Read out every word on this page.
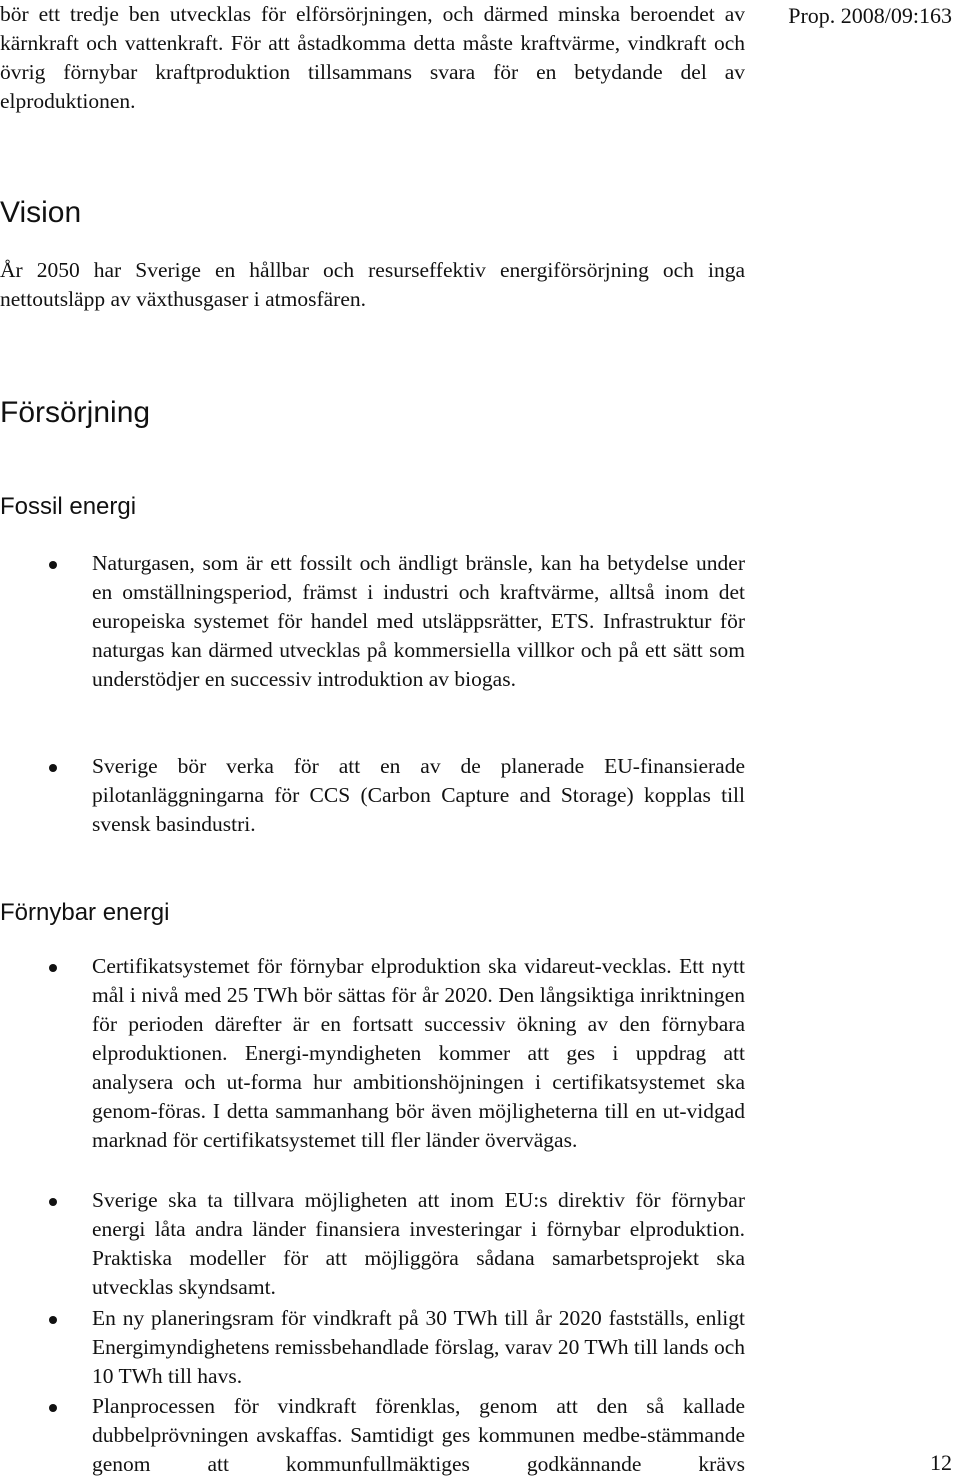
Prop. 2008/09:163

bör ett tredje ben utvecklas för elförsörjningen, och därmed minska beroendet av kärnkraft och vattenkraft. För att åstadkomma detta måste kraftvärme, vindkraft och övrig förnybar kraftproduktion tillsammans svara för en betydande del av elproduktionen.

Vision

År 2050 har Sverige en hållbar och resurseffektiv energiförsörjning och inga nettoutsläpp av växthusgaser i atmosfären.

Försörjning
Fossil energi
Naturgasen, som är ett fossilt och ändligt bränsle, kan ha betydelse under en omställningsperiod, främst i industri och kraftvärme, alltså inom det europeiska systemet för handel med utsläppsrätter, ETS. Infrastruktur för naturgas kan därmed utvecklas på kommersiella villkor och på ett sätt som understödjer en successiv introduktion av biogas.
Sverige bör verka för att en av de planerade EU-finansierade pilotanläggningarna för CCS (Carbon Capture and Storage) kopplas till svensk basindustri.
Förnybar energi
Certifikatsystemet för förnybar elproduktion ska vidareut-vecklas. Ett nytt mål i nivå med 25 TWh bör sättas för år 2020. Den långsiktiga inriktningen för perioden därefter är en fortsatt successiv ökning av den förnybara elproduktionen. Energi-myndigheten kommer att ges i uppdrag att analysera och ut-forma hur ambitionshöjningen i certifikatsystemet ska genom-föras. I detta sammanhang bör även möjligheterna till en ut-vidgad marknad för certifikatsystemet till fler länder övervägas.
Sverige ska ta tillvara möjligheten att inom EU:s direktiv för förnybar energi låta andra länder finansiera investeringar i förnybar elproduktion. Praktiska modeller för att möjliggöra sådana samarbetsprojekt ska utvecklas skyndsamt.
En ny planeringsram för vindkraft på 30 TWh till år 2020 fastställs, enligt Energimyndighetens remissbehandlade förslag, varav 20 TWh till lands och 10 TWh till havs.
Planprocessen för vindkraft förenklas, genom att den så kallade dubbelprövningen avskaffas. Samtidigt ges kommunen medbe-stämmande genom att kommunfullmäktiges godkännande krävs	12
